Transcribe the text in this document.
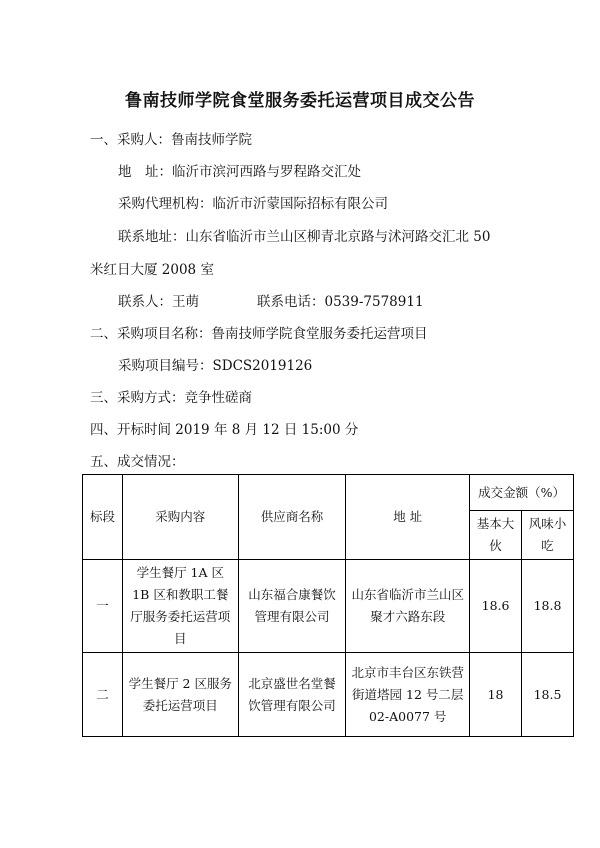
鲁南技师学院食堂服务委托运营项目成交公告
一、采购人：鲁南技师学院
地　址：临沂市滨河西路与罗程路交汇处
采购代理机构：临沂市沂蒙国际招标有限公司
联系地址：山东省临沂市兰山区柳青北京路与沭河路交汇北 50
米红日大厦 2008 室
联系人：王萌	联系电话：0539-7578911
二、采购项目名称：鲁南技师学院食堂服务委托运营项目
采购项目编号：SDCS2019126
三、采购方式：竞争性磋商
四、开标时间 2019 年 8 月 12 日 15:00 分
五、成交情况：
标段	采购内容	供应商名称	地 址	成交金额（%）	
				基本大伙	风味小吃
一	学生餐厅 1A 区 1B 区和教职工餐厅服务委托运营项目	山东福合康餐饮管理有限公司	山东省临沂市兰山区聚才六路东段	18.6	18.8
二	学生餐厅 2 区服务委托运营项目	北京盛世名堂餐饮管理有限公司	北京市丰台区东铁营街道塔园 12 号二层 02-A0077 号	18	18.5
